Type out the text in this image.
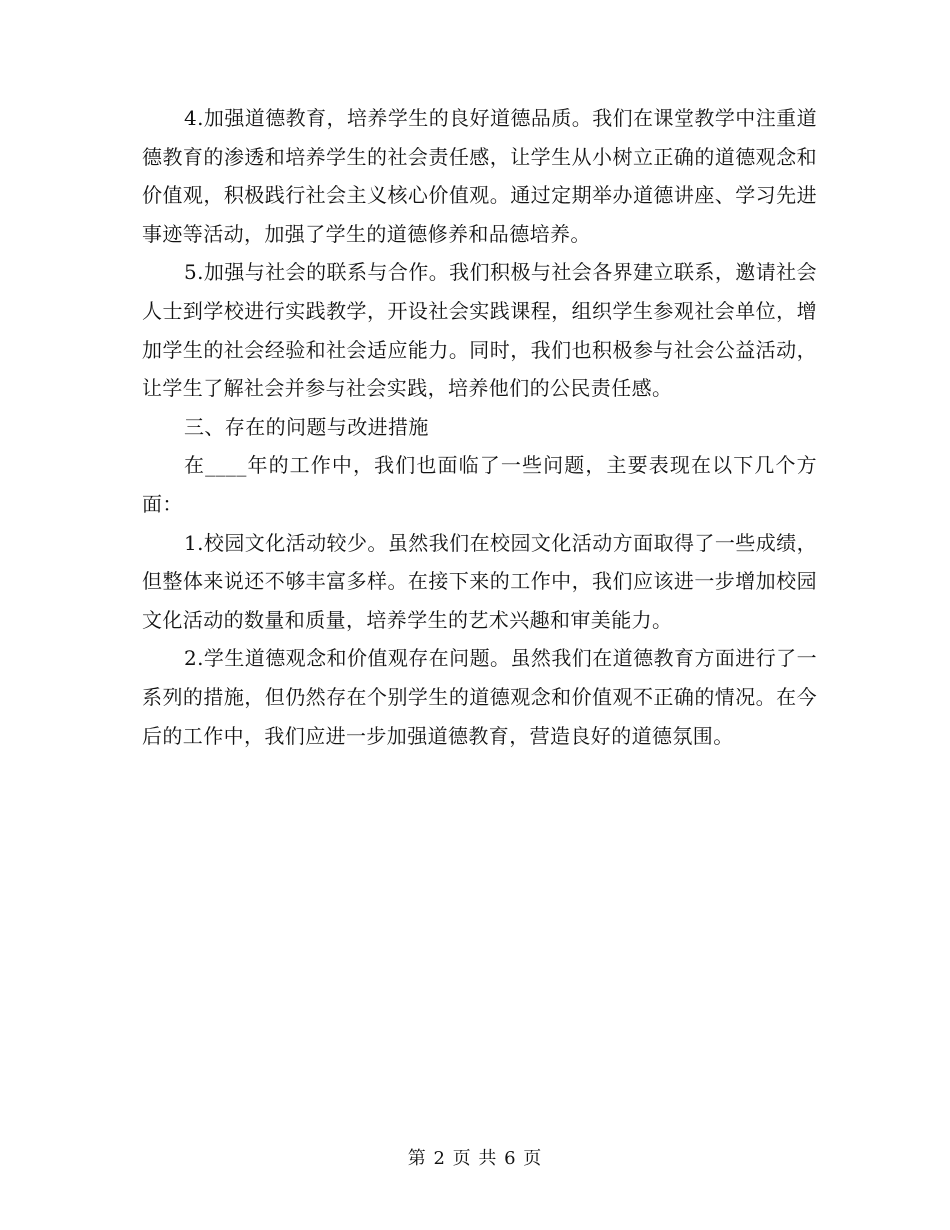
4.加强道德教育，培养学生的良好道德品质。我们在课堂教学中注重道德教育的渗透和培养学生的社会责任感，让学生从小树立正确的道德观念和价值观，积极践行社会主义核心价值观。通过定期举办道德讲座、学习先进事迹等活动，加强了学生的道德修养和品德培养。

5.加强与社会的联系与合作。我们积极与社会各界建立联系，邀请社会人士到学校进行实践教学，开设社会实践课程，组织学生参观社会单位，增加学生的社会经验和社会适应能力。同时，我们也积极参与社会公益活动，让学生了解社会并参与社会实践，培养他们的公民责任感。

三、存在的问题与改进措施

在____年的工作中，我们也面临了一些问题，主要表现在以下几个方面：

1.校园文化活动较少。虽然我们在校园文化活动方面取得了一些成绩，但整体来说还不够丰富多样。在接下来的工作中，我们应该进一步增加校园文化活动的数量和质量，培养学生的艺术兴趣和审美能力。

2.学生道德观念和价值观存在问题。虽然我们在道德教育方面进行了一系列的措施，但仍然存在个别学生的道德观念和价值观不正确的情况。在今后的工作中，我们应进一步加强道德教育，营造良好的道德氛围。

第 2 页 共 6 页
